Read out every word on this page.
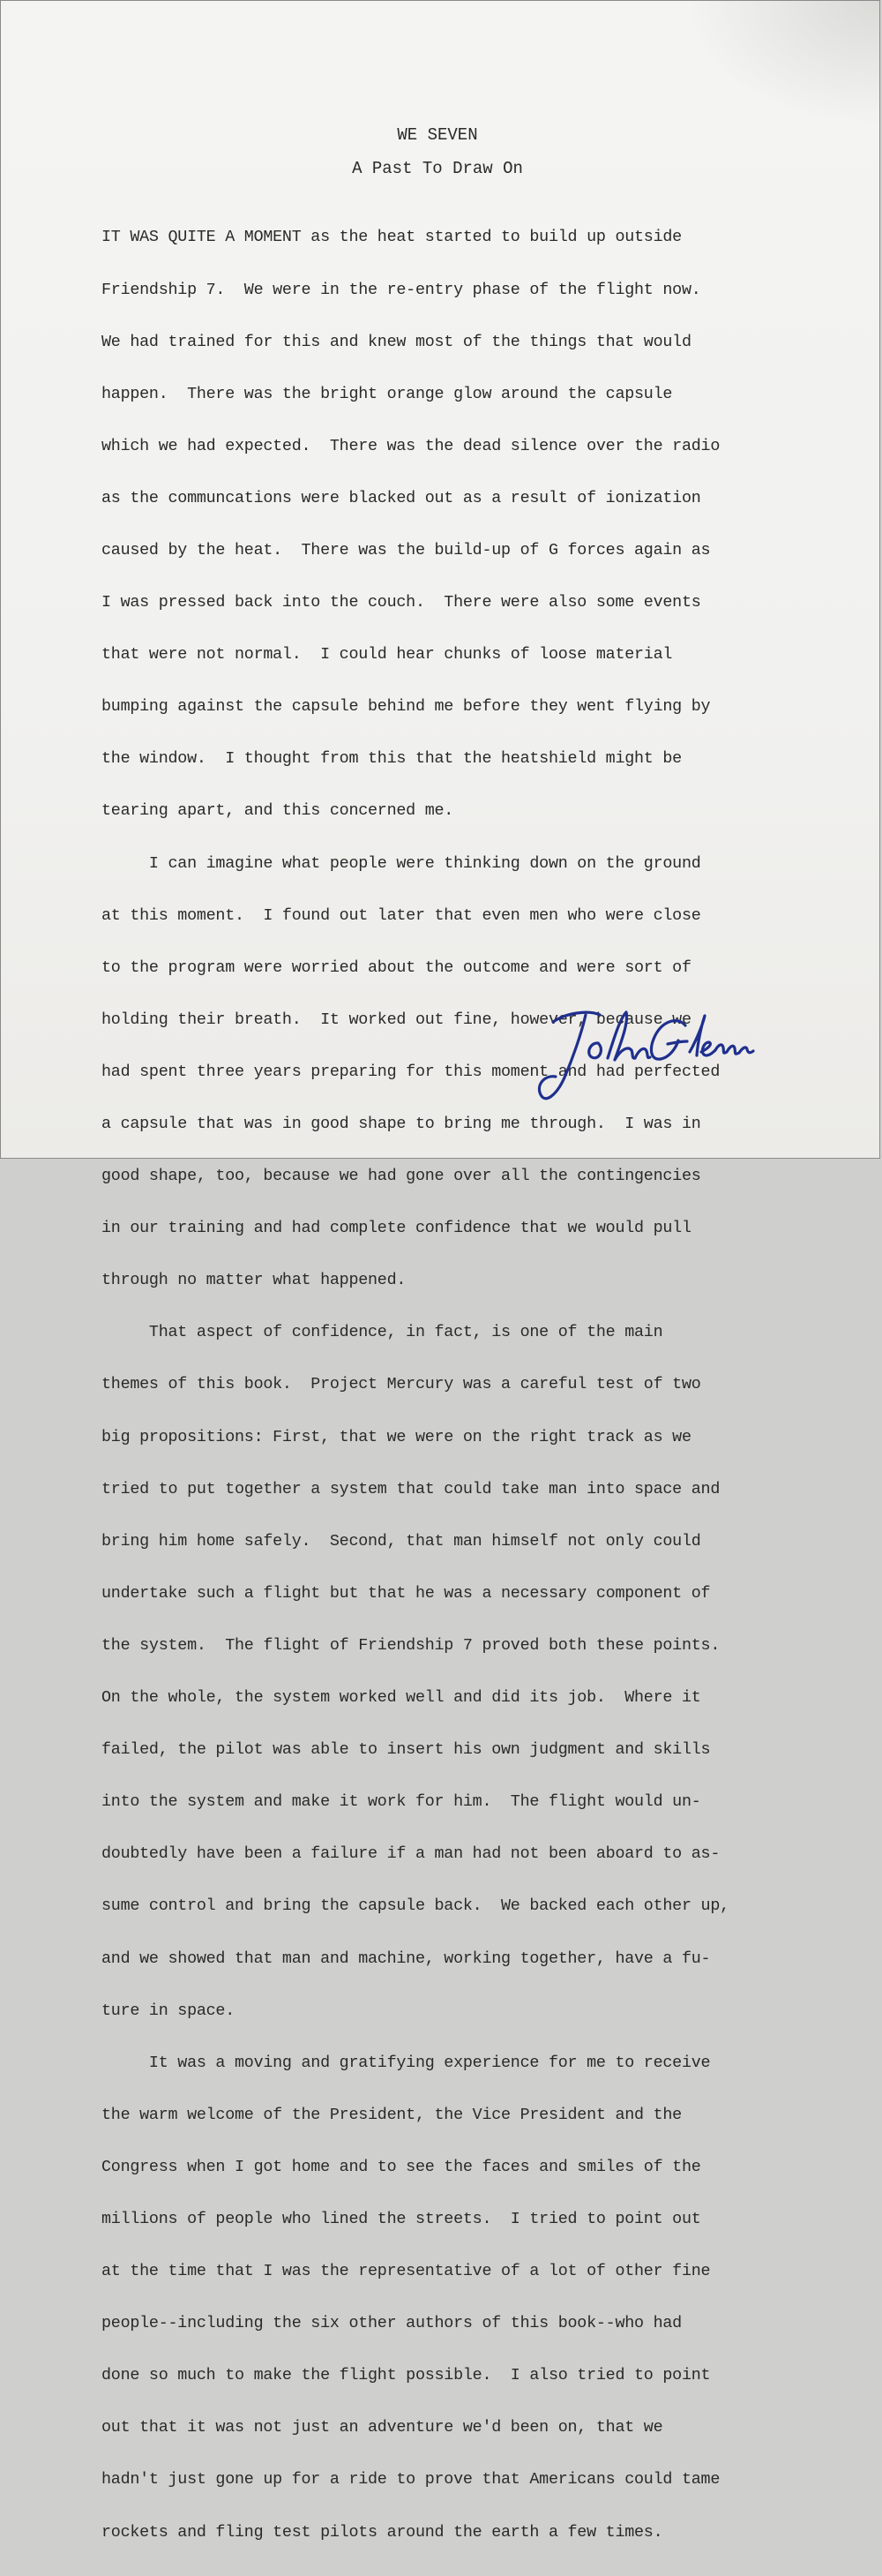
WE SEVEN
A Past To Draw On

IT WAS QUITE A MOMENT as the heat started to build up outside

Friendship 7.  We were in the re-entry phase of the flight now.

We had trained for this and knew most of the things that would

happen.  There was the bright orange glow around the capsule

which we had expected.  There was the dead silence over the radio

as the communcations were blacked out as a result of ionization

caused by the heat.  There was the build-up of G forces again as

I was pressed back into the couch.  There were also some events

that were not normal.  I could hear chunks of loose material

bumping against the capsule behind me before they went flying by

the window.  I thought from this that the heatshield might be

tearing apart, and this concerned me.

I can imagine what people were thinking down on the ground

at this moment.  I found out later that even men who were close

to the program were worried about the outcome and were sort of

holding their breath.  It worked out fine, however, because we

had spent three years preparing for this moment and had perfected

a capsule that was in good shape to bring me through.  I was in

good shape, too, because we had gone over all the contingencies

in our training and had complete confidence that we would pull

through no matter what happened.

That aspect of confidence, in fact, is one of the main

themes of this book.  Project Mercury was a careful test of two

big propositions: First, that we were on the right track as we

tried to put together a system that could take man into space and

bring him home safely.  Second, that man himself not only could

undertake such a flight but that he was a necessary component of

the system.  The flight of Friendship 7 proved both these points.

On the whole, the system worked well and did its job.  Where it

failed, the pilot was able to insert his own judgment and skills

into the system and make it work for him.  The flight would un-

doubtedly have been a failure if a man had not been aboard to as-

sume control and bring the capsule back.  We backed each other up,

and we showed that man and machine, working together, have a fu-

ture in space.

It was a moving and gratifying experience for me to receive

the warm welcome of the President, the Vice President and the

Congress when I got home and to see the faces and smiles of the

millions of people who lined the streets.  I tried to point out

at the time that I was the representative of a lot of other fine

people--including the six other authors of this book--who had

done so much to make the flight possible.  I also tried to point

out that it was not just an adventure we'd been on, that we

hadn't just gone up for a ride to prove that Americans could tame

rockets and fling test pilots around the earth a few times.
